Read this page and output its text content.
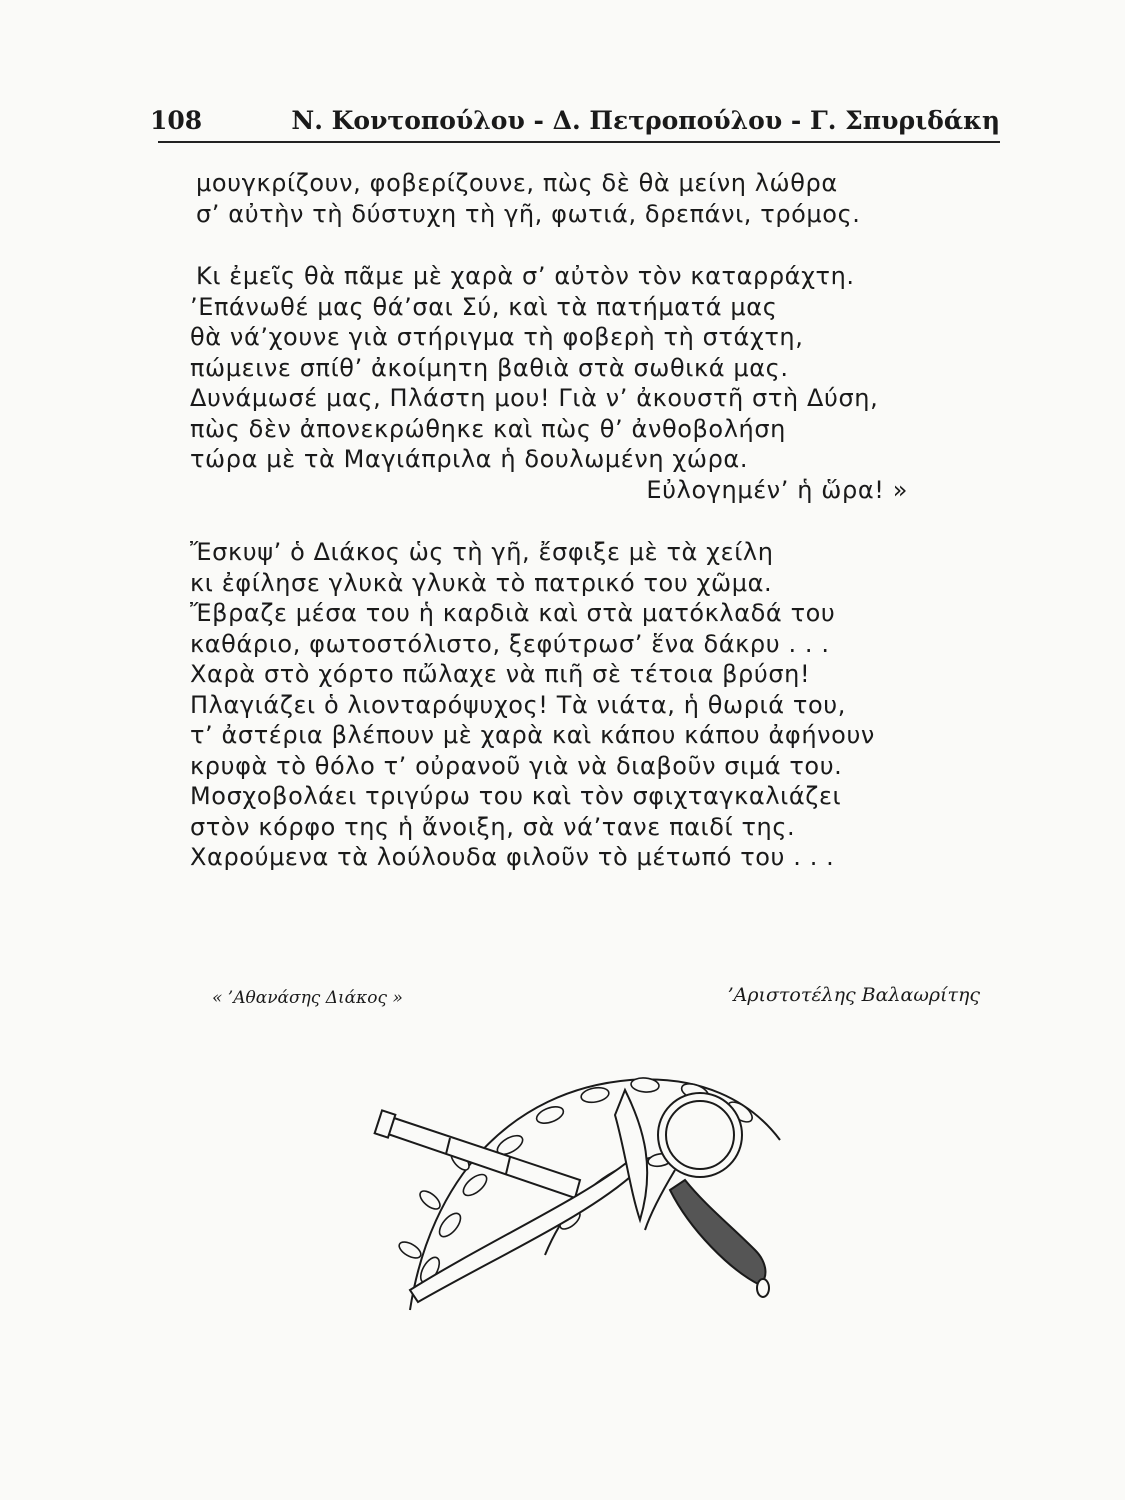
108	Ν. Κοντοπούλου - Δ. Πετροπούλου - Γ. Σπυριδάκη
μουγκρίζουν, φοβερίζουνε, πὼς δὲ θὰ μείνη λώθρα
σ’ αὐτὴν τὴ δύστυχη τὴ γῆ, φωτιά, δρεπάνι, τρόμος.
Κι ἐμεῖς θὰ πᾶμε μὲ χαρὰ σ’ αὐτὸν τὸν καταρράχτη.
’Επάνωθέ μας θά’σαι Σύ, καὶ τὰ πατήματά μας
θὰ νά’χουνε γιὰ στήριγμα τὴ φοβερὴ τὴ στάχτη,
πώμεινε σπίθ’ ἀκοίμητη βαθιὰ στὰ σωθικά μας.
Δυνάμωσέ μας, Πλάστη μου! Γιὰ ν’ ἀκουστῆ στὴ Δύση,
πὼς δὲν ἀπονεκρώθηκε καὶ πὼς θ’ ἀνθοβολήση
τώρα μὲ τὰ Μαγιάπριλα ἡ δουλωμένη χώρα.
Εὐλογημέν’ ἡ ὥρα! »
Ἔσκυψ’ ὁ Διάκος ὡς τὴ γῆ, ἔσφιξε μὲ τὰ χείλη
κι ἐφίλησε γλυκὰ γλυκὰ τὸ πατρικό του χῶμα.
Ἔβραζε μέσα του ἡ καρδιὰ καὶ στὰ ματόκλαδά του
καθάριο, φωτοστόλιστο, ξεφύτρωσ’ ἕνα δάκρυ . . .
Χαρὰ στὸ χόρτο πὤλαχε νὰ πιῆ σὲ τέτοια βρύση!
Πλαγιάζει ὁ λιονταρόψυχος! Τὰ νιάτα, ἡ θωριά του,
τ’ ἀστέρια βλέπουν μὲ χαρὰ καὶ κάπου κάπου ἀφήνουν
κρυφὰ τὸ θόλο τ’ οὐρανοῦ γιὰ νὰ διαβοῦν σιμά του.
Μοσχοβολάει τριγύρω του καὶ τὸν σφιχταγκαλιάζει
στὸν κόρφο της ἡ ἄνοιξη, σὰ νά’τανε παιδί της.
Χαρούμενα τὰ λούλουδα φιλοῦν τὸ μέτωπό του . . .
« ’Αθανάσης Διάκος »	’Αριστοτέλης Βαλαωρίτης
